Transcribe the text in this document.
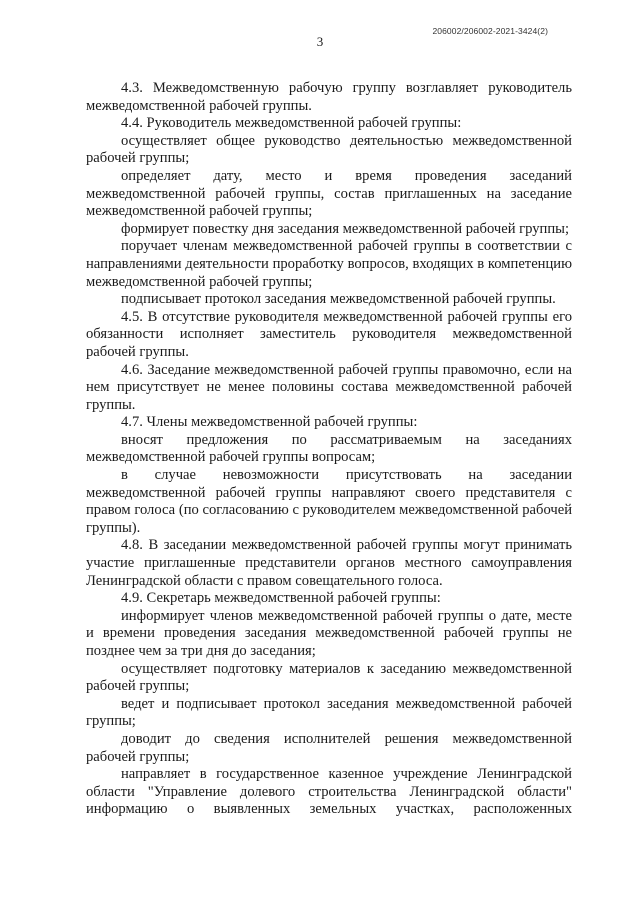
206002/206002-2021-3424(2)
3

4.3. Межведомственную рабочую группу возглавляет руководитель межведомственной рабочей группы.

4.4. Руководитель межведомственной рабочей группы:

осуществляет общее руководство деятельностью межведомственной рабочей группы;

определяет дату, место и время проведения заседаний межведомственной рабочей группы, состав приглашенных на заседание межведомственной рабочей группы;

формирует повестку дня заседания межведомственной рабочей группы;

поручает членам межведомственной рабочей группы в соответствии с направлениями деятельности проработку вопросов, входящих в компетенцию межведомственной рабочей группы;

подписывает протокол заседания межведомственной рабочей группы.

4.5. В отсутствие руководителя межведомственной рабочей группы его обязанности исполняет заместитель руководителя межведомственной рабочей группы.

4.6. Заседание межведомственной рабочей группы правомочно, если на нем присутствует не менее половины состава межведомственной рабочей группы.

4.7. Члены межведомственной рабочей группы:

вносят предложения по рассматриваемым на заседаниях межведомственной рабочей группы вопросам;

в случае невозможности присутствовать на заседании межведомственной рабочей группы направляют своего представителя с правом голоса (по согласованию с руководителем межведомственной рабочей группы).

4.8. В заседании межведомственной рабочей группы могут принимать участие приглашенные представители органов местного самоуправления Ленинградской области с правом совещательного голоса.

4.9. Секретарь межведомственной рабочей группы:

информирует членов межведомственной рабочей группы о дате, месте и времени проведения заседания межведомственной рабочей группы не позднее чем за три дня до заседания;

осуществляет подготовку материалов к заседанию межведомственной рабочей группы;

ведет и подписывает протокол заседания межведомственной рабочей группы;

доводит до сведения исполнителей решения межведомственной рабочей группы;

направляет в государственное казенное учреждение Ленинградской области "Управление долевого строительства Ленинградской области" информацию о выявленных земельных участках, расположенных
